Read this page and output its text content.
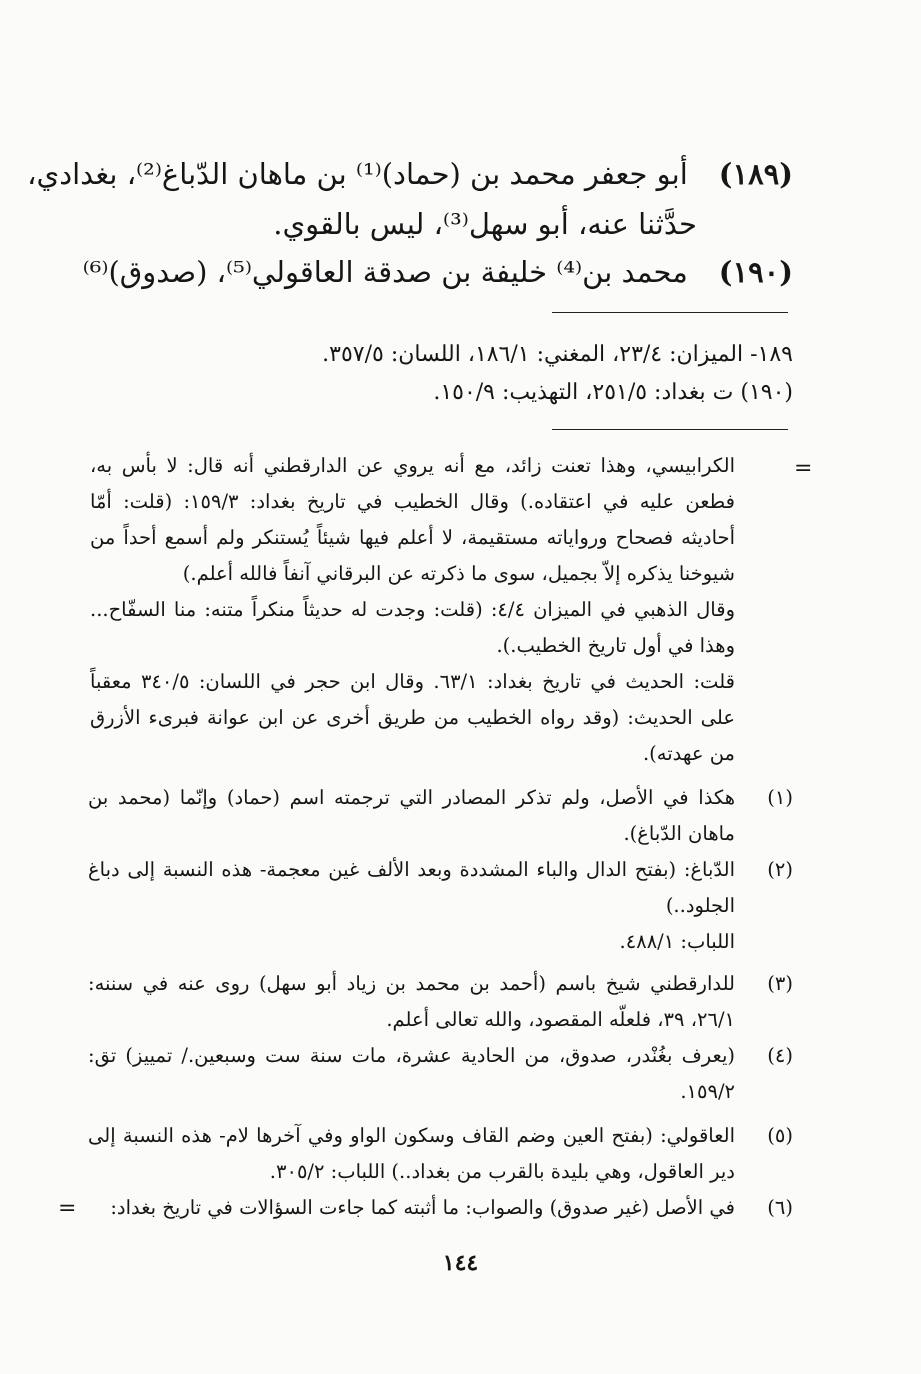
(١٨٩) أبو جعفر محمد بن (حماد)⁽¹⁾ بن ماهان الدّباغ⁽²⁾، بغدادي،
حدَّثنا عنه، أبو سهل⁽³⁾، ليس بالقوي.
(١٩٠) محمد بن⁽⁴⁾ خليفة بن صدقة العاقولي⁽⁵⁾، (صدوق)⁽⁶⁾
١٨٩- الميزان: ٢٣/٤، المغني: ١٨٦/١، اللسان: ٣٥٧/٥.
(١٩٠) ت بغداد: ٢٥١/٥، التهذيب: ١٥٠/٩.
=

الكرابيسي، وهذا تعنت زائد، مع أنه يروي عن الدارقطني أنه قال: لا بأس به، فطعن عليه في اعتقاده.) وقال الخطيب في تاريخ بغداد: ١٥٩/٣: (قلت: أمّا أحاديثه فصحاح ورواياته مستقيمة، لا أعلم فيها شيئاً يُستنكر ولم أسمع أحداً من شيوخنا يذكره إلاّ بجميل، سوى ما ذكرته عن البرقاني آنفاً فالله أعلم.)

وقال الذهبي في الميزان ٤/٤: (قلت: وجدت له حديثاً منكراً متنه: منا السفّاح... وهذا في أول تاريخ الخطيب.).

قلت: الحديث في تاريخ بغداد: ٦٣/١. وقال ابن حجر في اللسان: ٣٤٠/٥ معقباً على الحديث: (وقد رواه الخطيب من طريق أخرى عن ابن عوانة فبرىء الأزرق من عهدته).

(١)

هكذا في الأصل، ولم تذكر المصادر التي ترجمته اسم (حماد) وإنّما (محمد بن ماهان الدّباغ).

(٢)

الدّباغ: (بفتح الدال والباء المشددة وبعد الألف غين معجمة- هذه النسبة إلى دباغ الجلود..)

اللباب: ٤٨٨/١.

(٣)

للدارقطني شيخ باسم (أحمد بن محمد بن زياد أبو سهل) روى عنه في سننه: ٢٦/١، ٣٩، فلعلّه المقصود، والله تعالى أعلم.

(٤)

(يعرف بغُنْدر، صدوق، من الحادية عشرة، مات سنة ست وسبعين./ تمييز) تق: ١٥٩/٢.

(٥)

العاقولي: (بفتح العين وضم القاف وسكون الواو وفي آخرها لام- هذه النسبة إلى دير العاقول، وهي بليدة بالقرب من بغداد..) اللباب: ٣٠٥/٢.

(٦)

في الأصل (غير صدوق) والصواب: ما أثبته كما جاءت السؤالات في تاريخ بغداد:

=
١٤٤
